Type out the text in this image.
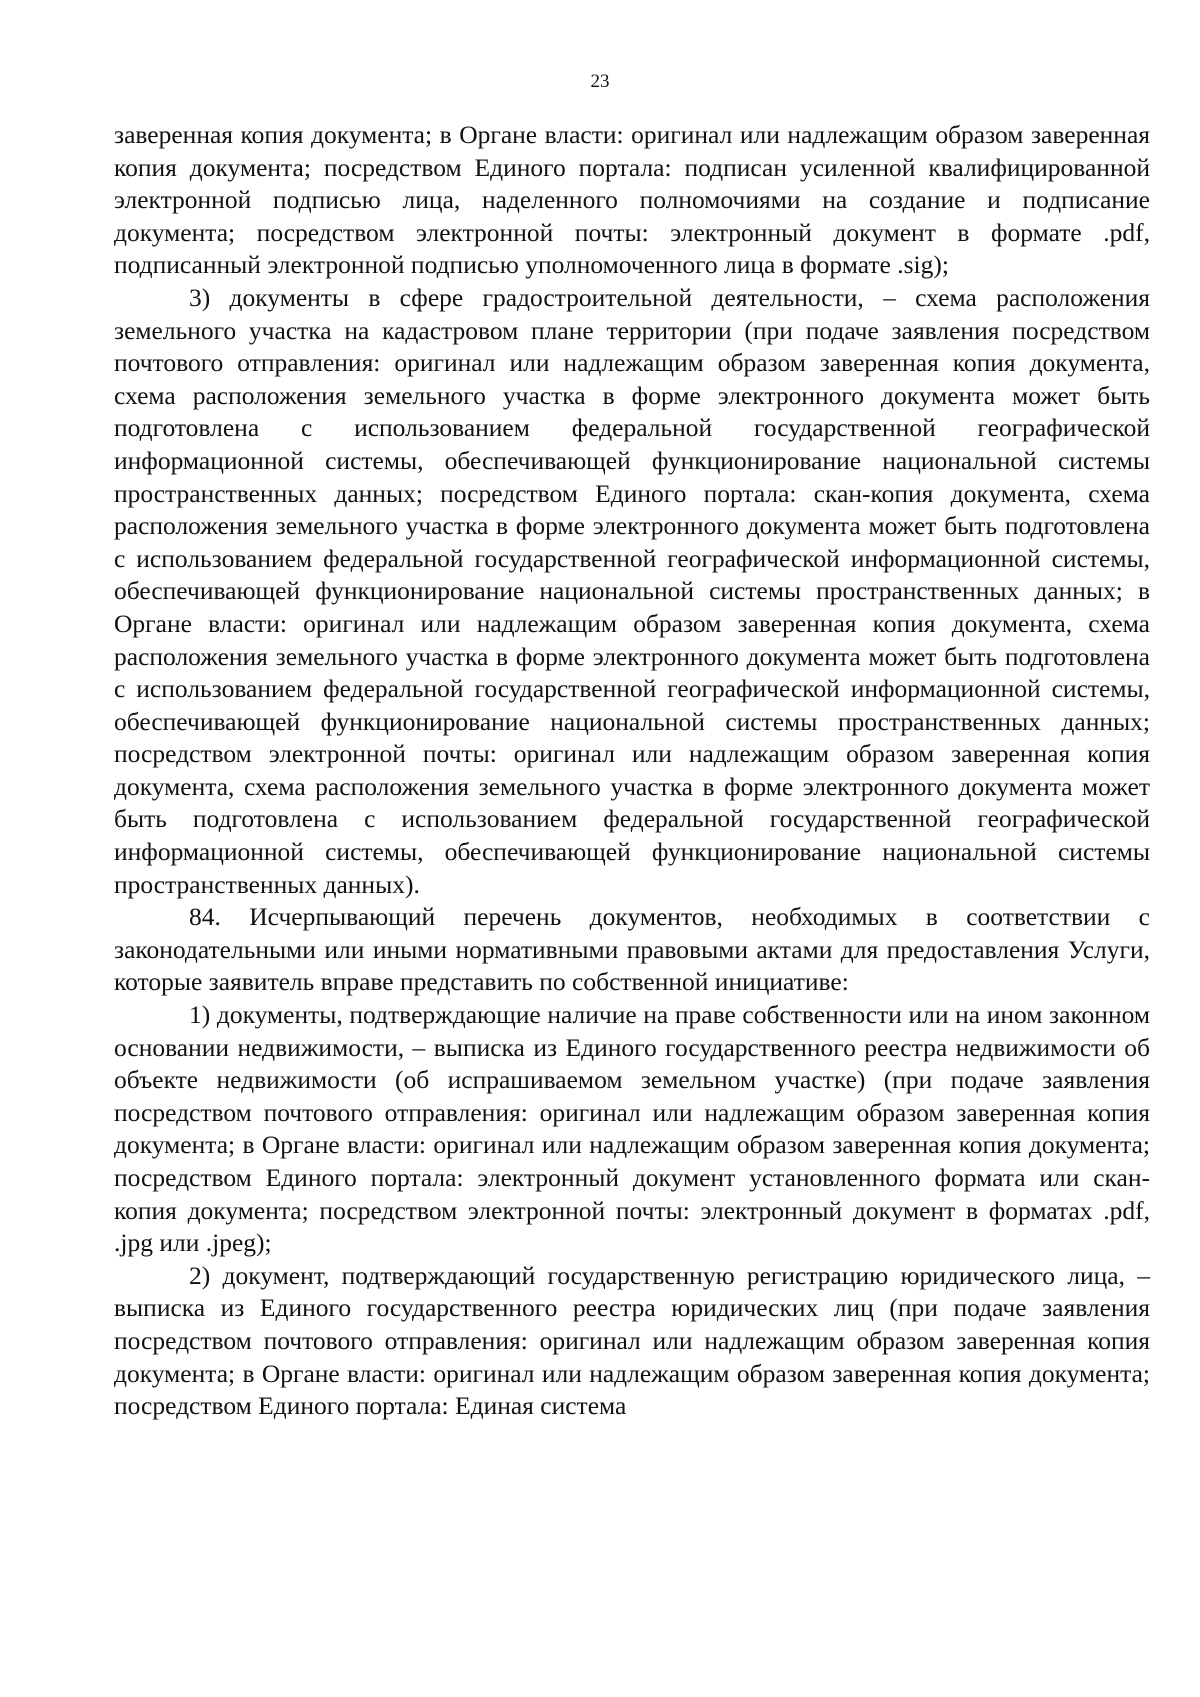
23

заверенная копия документа; в Органе власти: оригинал или надлежащим образом заверенная копия документа; посредством Единого портала: подписан усиленной квалифицированной электронной подписью лица, наделенного полномочиями на создание и подписание документа; посредством электронной почты: электронный документ в формате .pdf, подписанный электронной подписью уполномоченного лица в формате .sig);

3) документы в сфере градостроительной деятельности, – схема расположения земельного участка на кадастровом плане территории (при подаче заявления посредством почтового отправления: оригинал или надлежащим образом заверенная копия документа, схема расположения земельного участка в форме электронного документа может быть подготовлена с использованием федеральной государственной географической информационной системы, обеспечивающей функционирование национальной системы пространственных данных; посредством Единого портала: скан-копия документа, схема расположения земельного участка в форме электронного документа может быть подготовлена с использованием федеральной государственной географической информационной системы, обеспечивающей функционирование национальной системы пространственных данных; в Органе власти: оригинал или надлежащим образом заверенная копия документа, схема расположения земельного участка в форме электронного документа может быть подготовлена с использованием федеральной государственной географической информационной системы, обеспечивающей функционирование национальной системы пространственных данных; посредством электронной почты: оригинал или надлежащим образом заверенная копия документа, схема расположения земельного участка в форме электронного документа может быть подготовлена с использованием федеральной государственной географической информационной системы, обеспечивающей функционирование национальной системы пространственных данных).

84. Исчерпывающий перечень документов, необходимых в соответствии с законодательными или иными нормативными правовыми актами для предоставления Услуги, которые заявитель вправе представить по собственной инициативе:

1) документы, подтверждающие наличие на праве собственности или на ином законном основании недвижимости, – выписка из Единого государственного реестра недвижимости об объекте недвижимости (об испрашиваемом земельном участке) (при подаче заявления посредством почтового отправления: оригинал или надлежащим образом заверенная копия документа; в Органе власти: оригинал или надлежащим образом заверенная копия документа; посредством Единого портала: электронный документ установленного формата или скан-копия документа; посредством электронной почты: электронный документ в форматах .pdf, .jpg или .jpeg);

2) документ, подтверждающий государственную регистрацию юридического лица, – выписка из Единого государственного реестра юридических лиц (при подаче заявления посредством почтового отправления: оригинал или надлежащим образом заверенная копия документа; в Органе власти: оригинал или надлежащим образом заверенная копия документа; посредством Единого портала: Единая система
